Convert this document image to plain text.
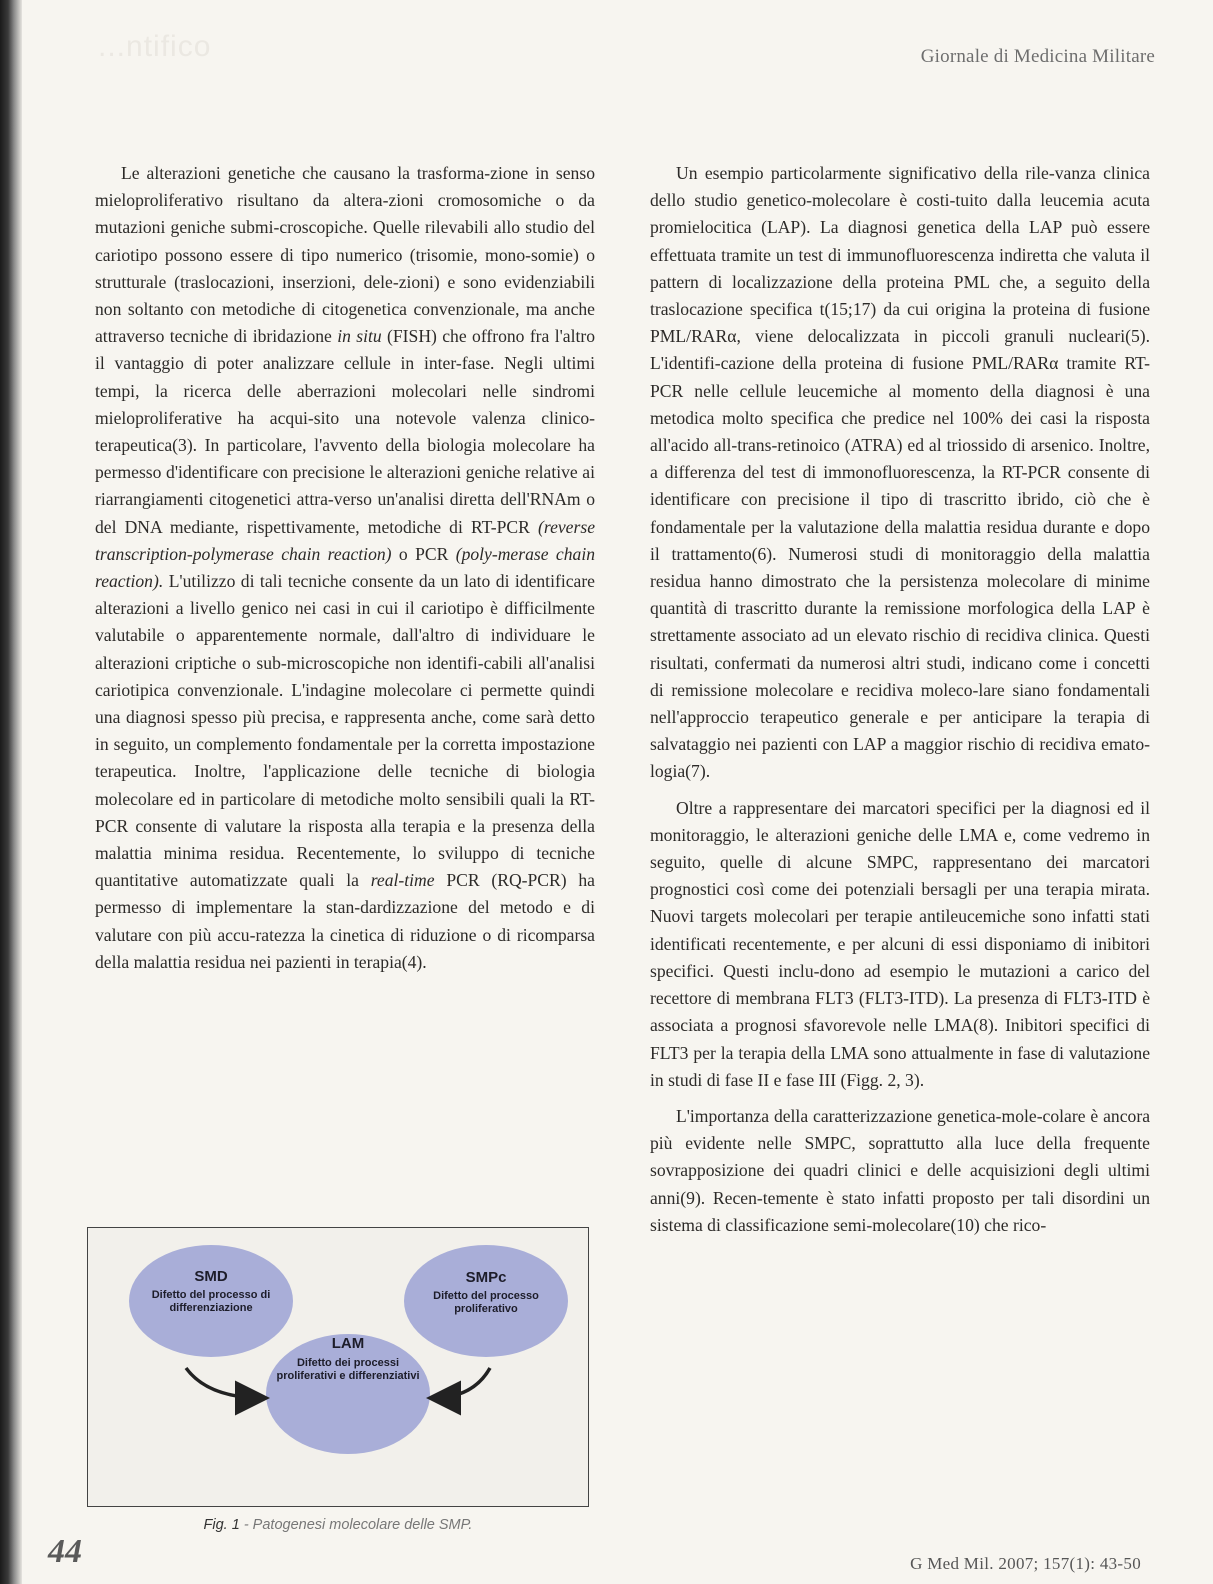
...ntifico	Giornale di Medicina Militare

Le alterazioni genetiche che causano la trasforma-zione in senso mieloproliferativo risultano da altera-zioni cromosomiche o da mutazioni geniche submi-croscopiche. Quelle rilevabili allo studio del cariotipo possono essere di tipo numerico (trisomie, mono-somie) o strutturale (traslocazioni, inserzioni, dele-zioni) e sono evidenziabili non soltanto con metodiche di citogenetica convenzionale, ma anche attraverso tecniche di ibridazione in situ (FISH) che offrono fra l'altro il vantaggio di poter analizzare cellule in inter-fase. Negli ultimi tempi, la ricerca delle aberrazioni molecolari nelle sindromi mieloproliferative ha acqui-sito una notevole valenza clinico-terapeutica(3). In particolare, l'avvento della biologia molecolare ha permesso d'identificare con precisione le alterazioni geniche relative ai riarrangiamenti citogenetici attra-verso un'analisi diretta dell'RNAm o del DNA mediante, rispettivamente, metodiche di RT-PCR (reverse transcription-polymerase chain reaction) o PCR (poly-merase chain reaction). L'utilizzo di tali tecniche consente da un lato di identificare alterazioni a livello genico nei casi in cui il cariotipo è difficilmente valutabile o apparentemente normale, dall'altro di individuare le alterazioni criptiche o sub-microscopiche non identifi-cabili all'analisi cariotipica convenzionale. L'indagine molecolare ci permette quindi una diagnosi spesso più precisa, e rappresenta anche, come sarà detto in seguito, un complemento fondamentale per la corretta impostazione terapeutica. Inoltre, l'applicazione delle tecniche di biologia molecolare ed in particolare di metodiche molto sensibili quali la RT-PCR consente di valutare la risposta alla terapia e la presenza della malattia minima residua. Recentemente, lo sviluppo di tecniche quantitative automatizzate quali la real-time PCR (RQ-PCR) ha permesso di implementare la stan-dardizzazione del metodo e di valutare con più accu-ratezza la cinetica di riduzione o di ricomparsa della malattia residua nei pazienti in terapia(4).

Un esempio particolarmente significativo della rile-vanza clinica dello studio genetico-molecolare è costi-tuito dalla leucemia acuta promielocitica (LAP). La diagnosi genetica della LAP può essere effettuata tramite un test di immunofluorescenza indiretta che valuta il pattern di localizzazione della proteina PML che, a seguito della traslocazione specifica t(15;17) da cui origina la proteina di fusione PML/RARα, viene delocalizzata in piccoli granuli nucleari(5). L'identifi-cazione della proteina di fusione PML/RARα tramite RT-PCR nelle cellule leucemiche al momento della diagnosi è una metodica molto specifica che predice nel 100% dei casi la risposta all'acido all-trans-retinoico (ATRA) ed al triossido di arsenico. Inoltre, a differenza del test di immonofluorescenza, la RT-PCR consente di identificare con precisione il tipo di trascritto ibrido, ciò che è fondamentale per la valutazione della malattia residua durante e dopo il trattamento(6). Numerosi studi di monitoraggio della malattia residua hanno dimostrato che la persistenza molecolare di minime quantità di trascritto durante la remissione morfologica della LAP è strettamente associato ad un elevato rischio di recidiva clinica. Questi risultati, confermati da numerosi altri studi, indicano come i concetti di remissione molecolare e recidiva moleco-lare siano fondamentali nell'approccio terapeutico generale e per anticipare la terapia di salvataggio nei pazienti con LAP a maggior rischio di recidiva emato-logia(7).

Oltre a rappresentare dei marcatori specifici per la diagnosi ed il monitoraggio, le alterazioni geniche delle LMA e, come vedremo in seguito, quelle di alcune SMPC, rappresentano dei marcatori prognostici così come dei potenziali bersagli per una terapia mirata. Nuovi targets molecolari per terapie antileucemiche sono infatti stati identificati recentemente, e per alcuni di essi disponiamo di inibitori specifici. Questi inclu-dono ad esempio le mutazioni a carico del recettore di membrana FLT3 (FLT3-ITD). La presenza di FLT3-ITD è associata a prognosi sfavorevole nelle LMA(8). Inibitori specifici di FLT3 per la terapia della LMA sono attualmente in fase di valutazione in studi di fase II e fase III (Figg. 2, 3).

L'importanza della caratterizzazione genetica-mole-colare è ancora più evidente nelle SMPC, soprattutto alla luce della frequente sovrapposizione dei quadri clinici e delle acquisizioni degli ultimi anni(9). Recen-temente è stato infatti proposto per tali disordini un sistema di classificazione semi-molecolare(10) che rico-

SMD
Difetto del processo di
differenziazione
SMPc
Difetto del processo
proliferativo
LAM
Difetto dei processi
proliferativi e differenziativi
Fig. 1 - Patogenesi molecolare delle SMP.
44	G Med Mil. 2007; 157(1): 43-50
